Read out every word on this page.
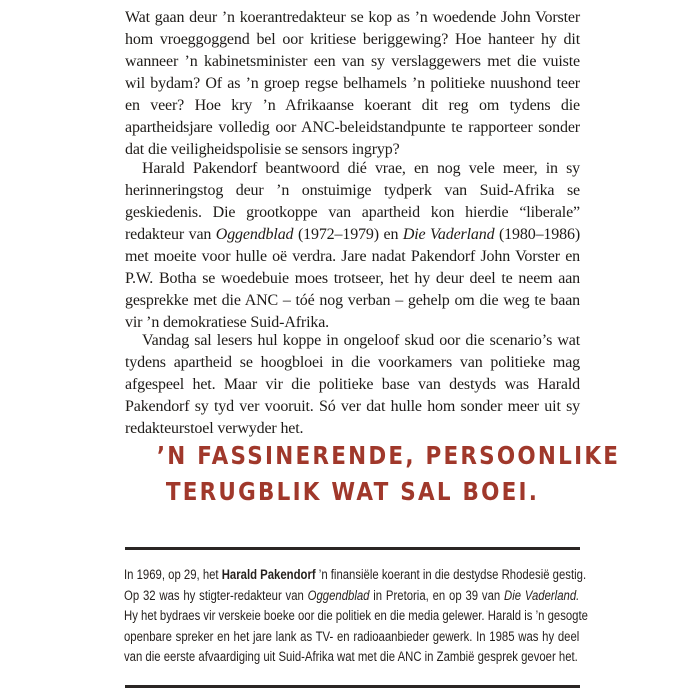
Wat gaan deur ’n koerantredakteur se kop as ’n woedende John Vorster hom vroeggoggend bel oor kritiese beriggewing? Hoe hanteer hy dit wanneer ’n kabinetsminister een van sy verslaggewers met die vuiste wil bydam? Of as ’n groep regse belhamels ’n politieke nuushond teer en veer? Hoe kry ’n Afrikaanse koerant dit reg om tydens die apartheidsjare volledig oor ANC-beleidstandpunte te rapporteer sonder dat die veiligheidspolisie se sensors ingryp?

Harald Pakendorf beantwoord dié vrae, en nog vele meer, in sy herinneringstog deur ’n onstuimige tydperk van Suid-Afrika se geskiedenis. Die grootkoppe van apartheid kon hierdie “liberale” redakteur van Oggendblad (1972–1979) en Die Vaderland (1980–1986) met moeite voor hulle oë verdra. Jare nadat Pakendorf John Vorster en P.W. Botha se woedebuie moes trotseer, het hy deur deel te neem aan gesprekke met die ANC – tóé nog verban – gehelp om die weg te baan vir ’n demokratiese Suid-Afrika.

Vandag sal lesers hul koppe in ongeloof skud oor die scenario’s wat tydens apartheid se hoogbloei in die voorkamers van politieke mag afgespeel het. Maar vir die politieke base van destyds was Harald Pakendorf sy tyd ver vooruit. Só ver dat hulle hom sonder meer uit sy redakteurstoel verwyder het.

’N FASSINERENDE, PERSOONLIKE
TERUGBLIK WAT SAL BOEI.
In 1969, op 29, het Harald Pakendorf ’n finansiële koerant in die destydse Rhodesië gestig.
Op 32 was hy stigter-redakteur van Oggendblad in Pretoria, en op 39 van Die Vaderland.
Hy het bydraes vir verskeie boeke oor die politiek en die media gelewer. Harald is ’n gesogte
openbare spreker en het jare lank as TV- en radioaanbieder gewerk. In 1985 was hy deel
van die eerste afvaardiging uit Suid-Afrika wat met die ANC in Zambië gesprek gevoer het.
